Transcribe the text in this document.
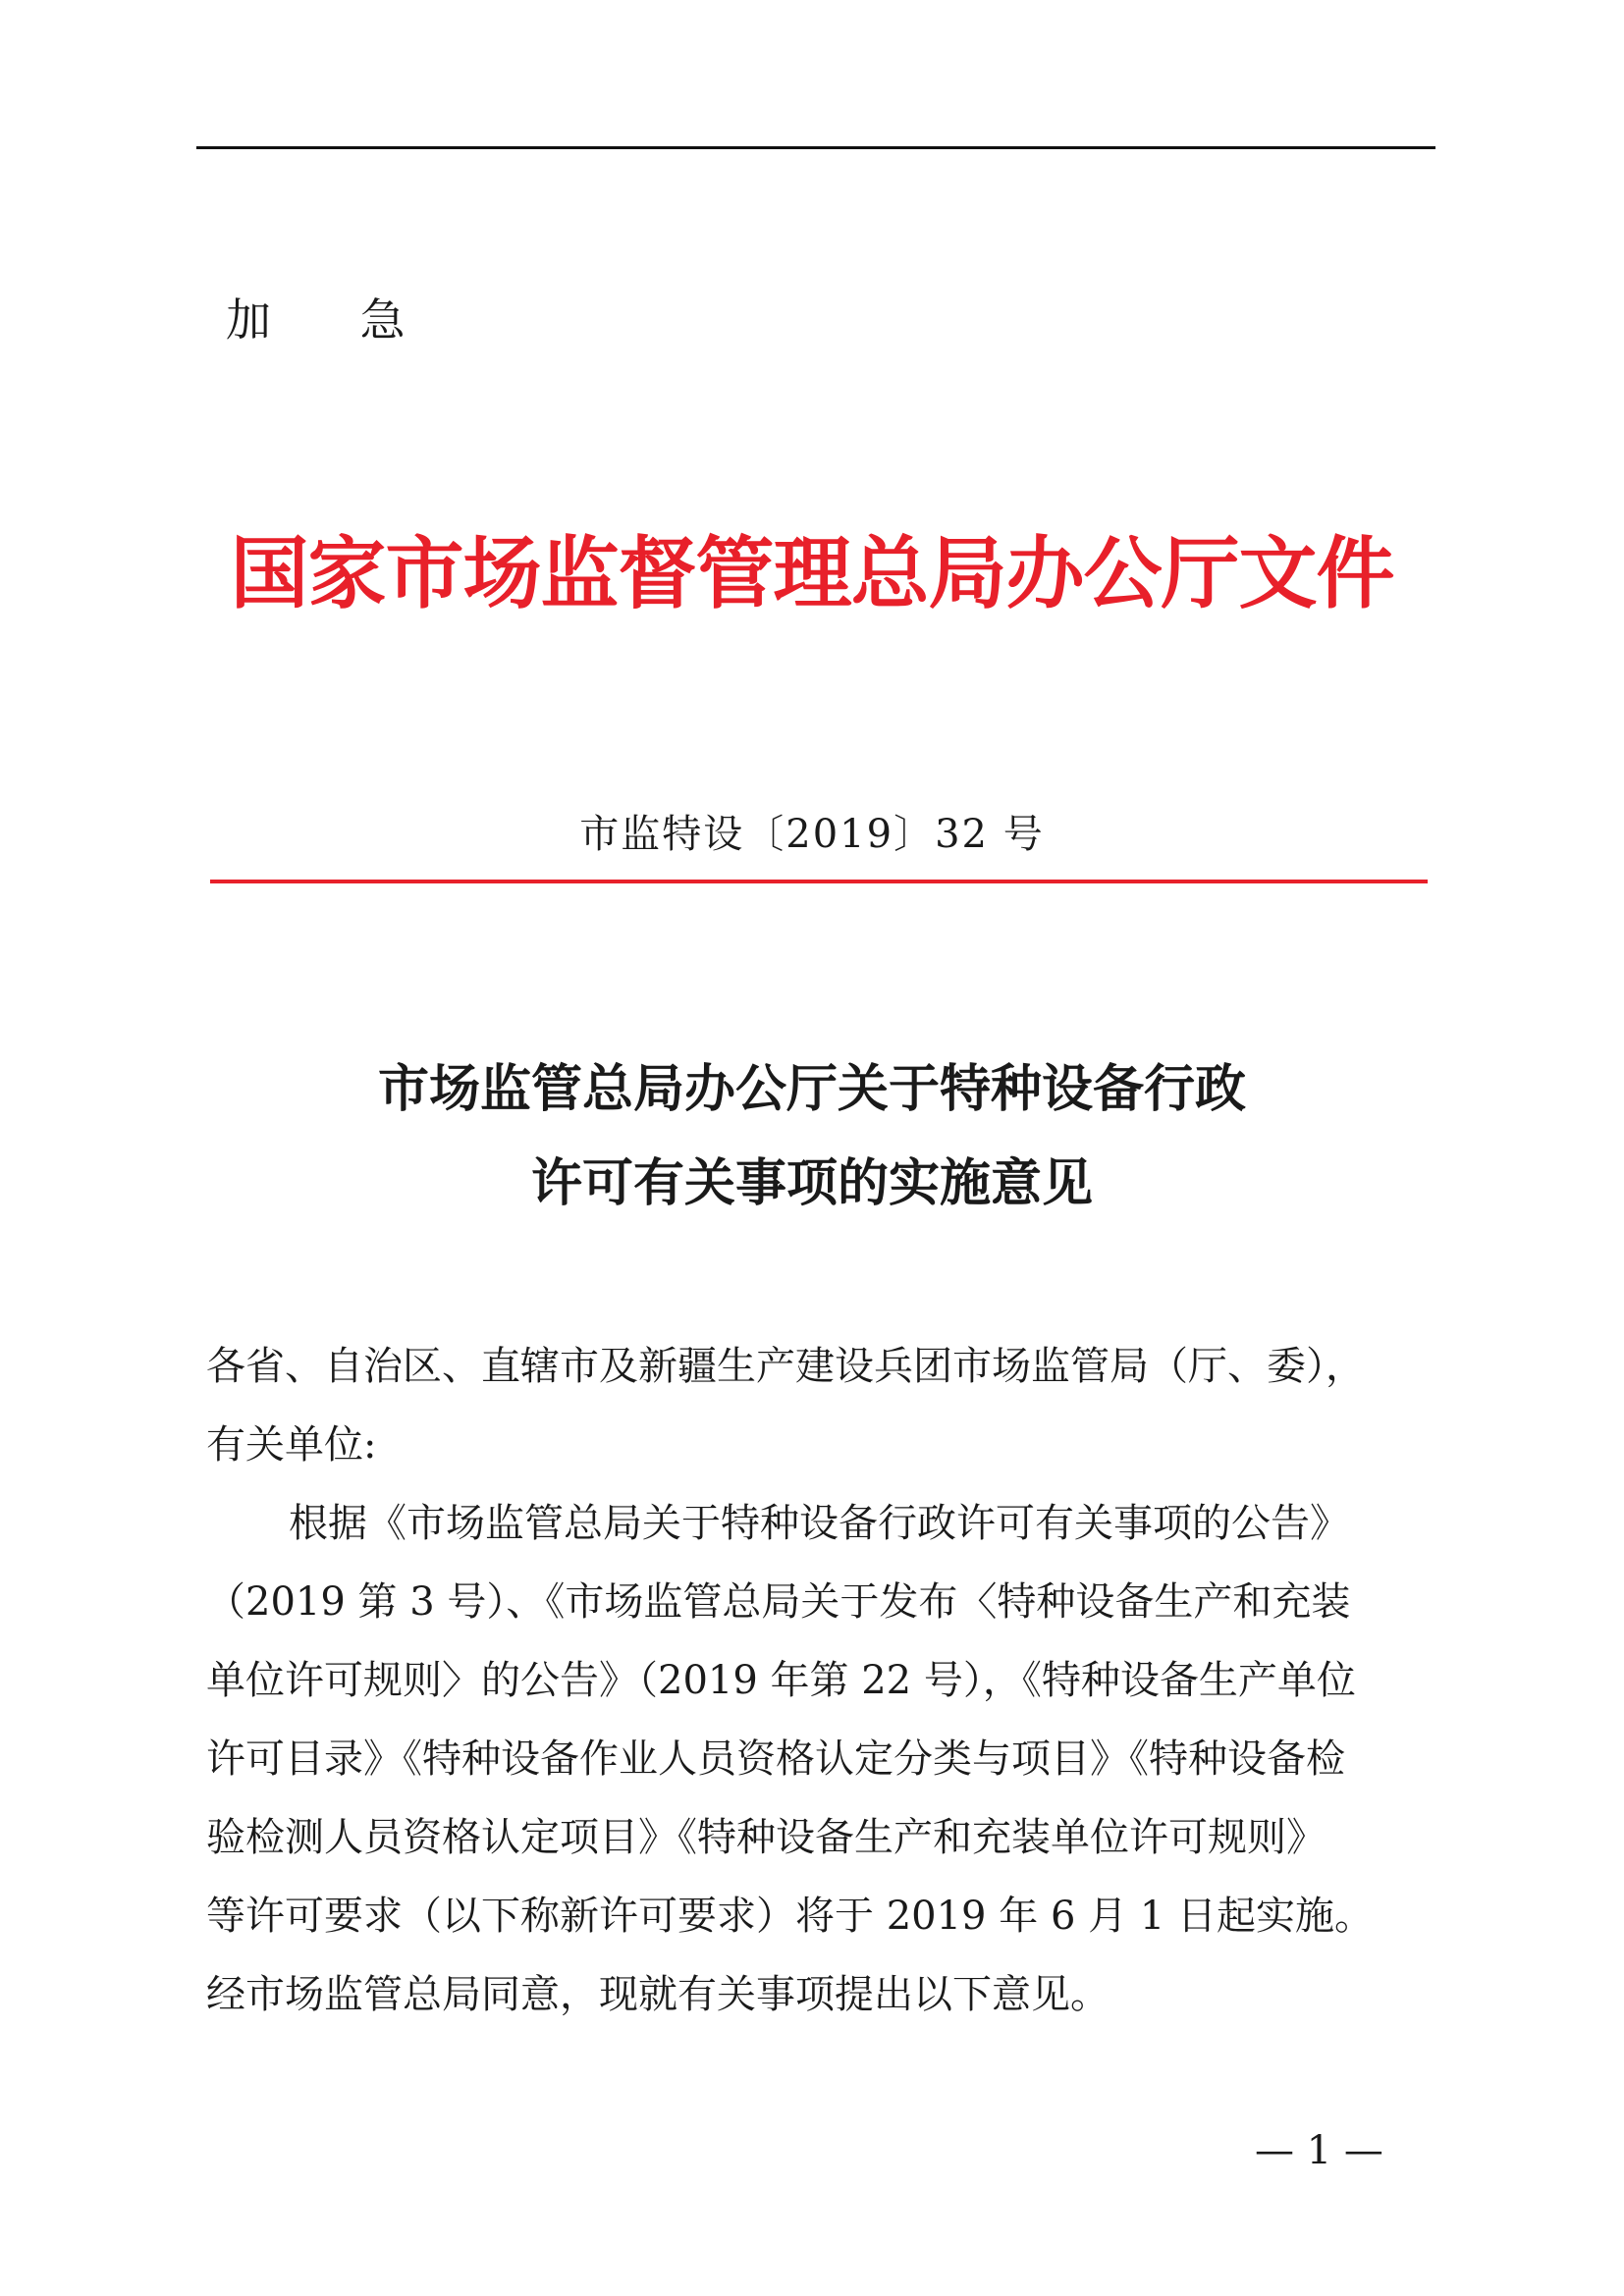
加 急
国家市场监督管理总局办公厅文件
市监特设〔2019〕32 号
市场监管总局办公厅关于特种设备行政
许可有关事项的实施意见
各省、自治区、直辖市及新疆生产建设兵团市场监管局（厅、委），
有关单位:
根据《市场监管总局关于特种设备行政许可有关事项的公告》
（2019 第 3 号）、《市场监管总局关于发布〈特种设备生产和充装
单位许可规则〉的公告》（2019 年第 22 号），《特种设备生产单位
许可目录》《特种设备作业人员资格认定分类与项目》《特种设备检
验检测人员资格认定项目》《特种设备生产和充装单位许可规则》
等许可要求（以下称新许可要求）将于 2019 年 6 月 1 日起实施。
经市场监管总局同意，现就有关事项提出以下意见。
— 1 —
